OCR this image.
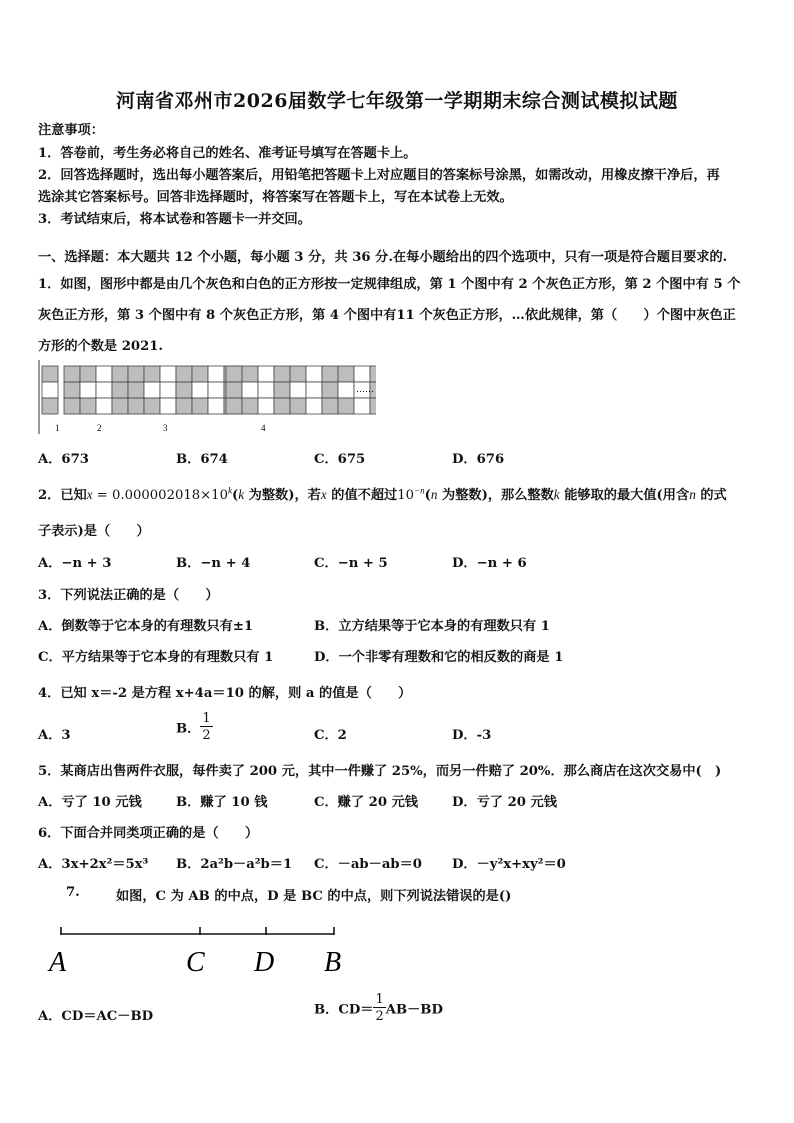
河南省邓州市2026届数学七年级第一学期期末综合测试模拟试题
注意事项：
1．答卷前，考生务必将自己的姓名、准考证号填写在答题卡上。
2．回答选择题时，选出每小题答案后，用铅笔把答题卡上对应题目的答案标号涂黑，如需改动，用橡皮擦干净后，再
选涂其它答案标号。回答非选择题时，将答案写在答题卡上，写在本试卷上无效。
3．考试结束后，将本试卷和答题卡一并交回。
一、选择题：本大题共 12 个小题，每小题 3 分，共 36 分.在每小题给出的四个选项中，只有一项是符合题目要求的.
1．如图，图形中都是由几个灰色和白色的正方形按一定规律组成，第 1 个图中有 2 个灰色正方形，第 2 个图中有 5 个
灰色正方形，第 3 个图中有 8 个灰色正方形，第 4 个图中有11 个灰色正方形，…依此规律，第（　　）个图中灰色正
方形的个数是 2021.
1	2	3	4
……
A．673	B．674	C．675	D．676
2．已知$x = 0.000002018\times 10^k(k$ 为整数)，若x 的值不超过$10^{-n}(n$ 为整数)，那么整数k 能够取的最大值(用含n 的式
子表示)是（　　）
A．−n + 3	B．−n + 4	C．−n + 5	D．−n + 6
3．下列说法正确的是（　　）
A．倒数等于它本身的有理数只有±1	B．立方结果等于它本身的有理数只有 1
C．平方结果等于它本身的有理数只有 1	D．一个非零有理数和它的相反数的商是 1
4．已知 x＝-2 是方程 x+4a＝10 的解，则 a 的值是（　　）
A．3	B． $\frac{1}{2}$	C．2	D．-3
5．某商店出售两件衣服，每件卖了 200 元，其中一件赚了 25%，而另一件赔了 20%．那么商店在这次交易中(　)
A．亏了 10 元钱	B．赚了 10 钱	C．赚了 20 元钱	D．亏了 20 元钱
6．下面合并同类项正确的是（　　）
A．3x+2x²＝5x³ B．2a²b－a²b＝1 C．－ab－ab＝0 D．－y²x+xy²＝0
7.	如图，C 为 AB 的中点，D 是 BC 的中点，则下列说法错误的是()
A	C D B
A．CD＝AC－BD	B．$CD= \frac{1}{2} AB-BD$
